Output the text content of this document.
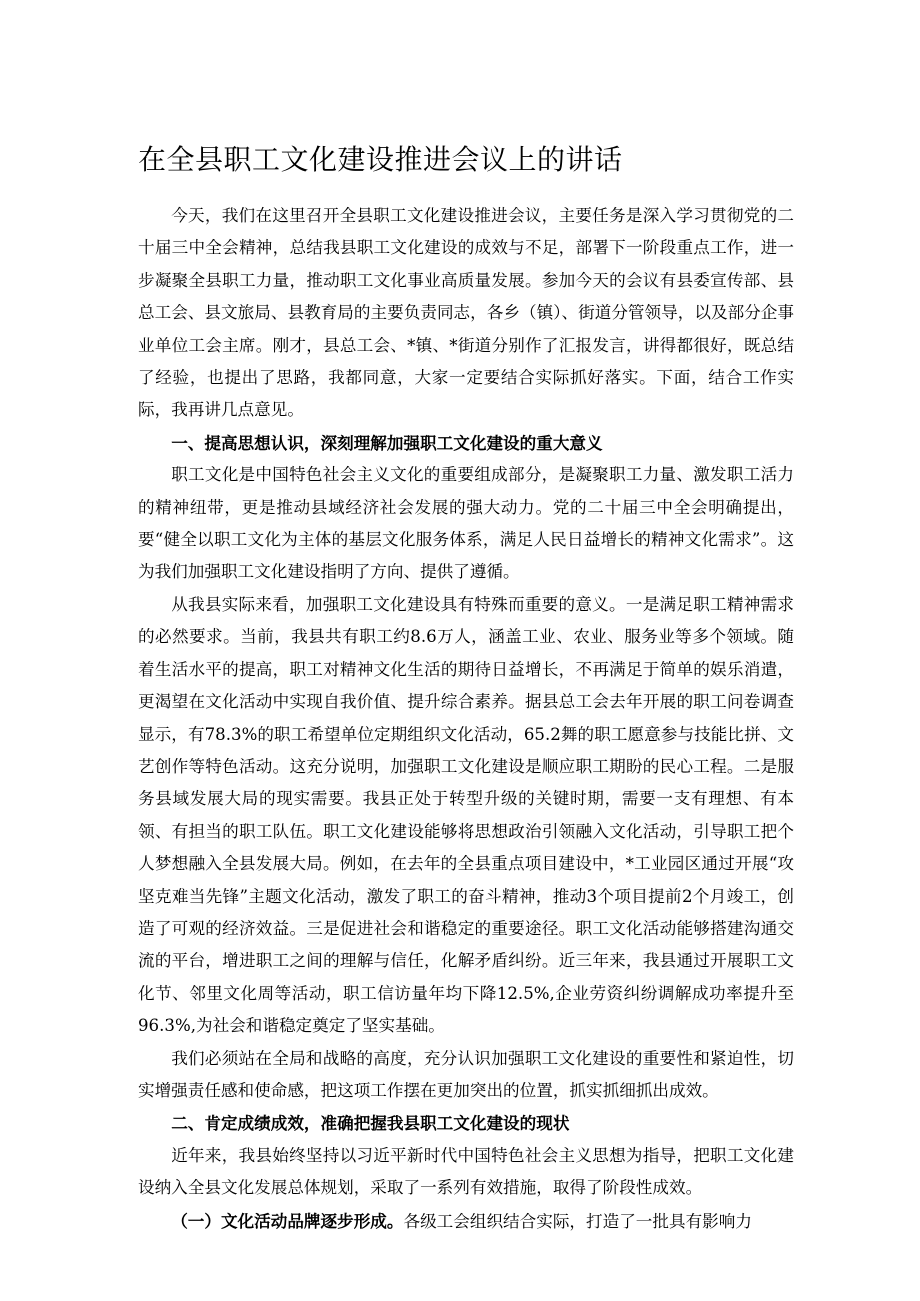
在全县职工文化建设推进会议上的讲话

今天，我们在这里召开全县职工文化建设推进会议，主要任务是深入学习贯彻党的二十届三中全会精神，总结我县职工文化建设的成效与不足，部署下一阶段重点工作，进一步凝聚全县职工力量，推动职工文化事业高质量发展。参加今天的会议有县委宣传部、县总工会、县文旅局、县教育局的主要负责同志，各乡（镇）、街道分管领导，以及部分企事业单位工会主席。刚才，县总工会、*镇、*街道分别作了汇报发言，讲得都很好，既总结了经验，也提出了思路，我都同意，大家一定要结合实际抓好落实。下面，结合工作实际，我再讲几点意见。

一、提高思想认识，深刻理解加强职工文化建设的重大意义

职工文化是中国特色社会主义文化的重要组成部分，是凝聚职工力量、激发职工活力的精神纽带，更是推动县域经济社会发展的强大动力。党的二十届三中全会明确提出，要“健全以职工文化为主体的基层文化服务体系，满足人民日益增长的精神文化需求”。这为我们加强职工文化建设指明了方向、提供了遵循。

从我县实际来看，加强职工文化建设具有特殊而重要的意义。一是满足职工精神需求的必然要求。当前，我县共有职工约8.6万人，涵盖工业、农业、服务业等多个领域。随着生活水平的提高，职工对精神文化生活的期待日益增长，不再满足于简单的娱乐消遣，更渴望在文化活动中实现自我价值、提升综合素养。据县总工会去年开展的职工问卷调查显示，有78.3%的职工希望单位定期组织文化活动，65.2舞的职工愿意参与技能比拼、文艺创作等特色活动。这充分说明，加强职工文化建设是顺应职工期盼的民心工程。二是服务县域发展大局的现实需要。我县正处于转型升级的关键时期，需要一支有理想、有本领、有担当的职工队伍。职工文化建设能够将思想政治引领融入文化活动，引导职工把个人梦想融入全县发展大局。例如，在去年的全县重点项目建设中，*工业园区通过开展“攻坚克难当先锋”主题文化活动，激发了职工的奋斗精神，推动3个项目提前2个月竣工，创造了可观的经济效益。三是促进社会和谐稳定的重要途径。职工文化活动能够搭建沟通交流的平台，增进职工之间的理解与信任，化解矛盾纠纷。近三年来，我县通过开展职工文化节、邻里文化周等活动，职工信访量年均下降12.5%,企业劳资纠纷调解成功率提升至96.3%,为社会和谐稳定奠定了坚实基础。

我们必须站在全局和战略的高度，充分认识加强职工文化建设的重要性和紧迫性，切实增强责任感和使命感，把这项工作摆在更加突出的位置，抓实抓细抓出成效。

二、肯定成绩成效，准确把握我县职工文化建设的现状

近年来，我县始终坚持以习近平新时代中国特色社会主义思想为指导，把职工文化建设纳入全县文化发展总体规划，采取了一系列有效措施，取得了阶段性成效。

（一）文化活动品牌逐步形成。各级工会组织结合实际，打造了一批具有影响力
